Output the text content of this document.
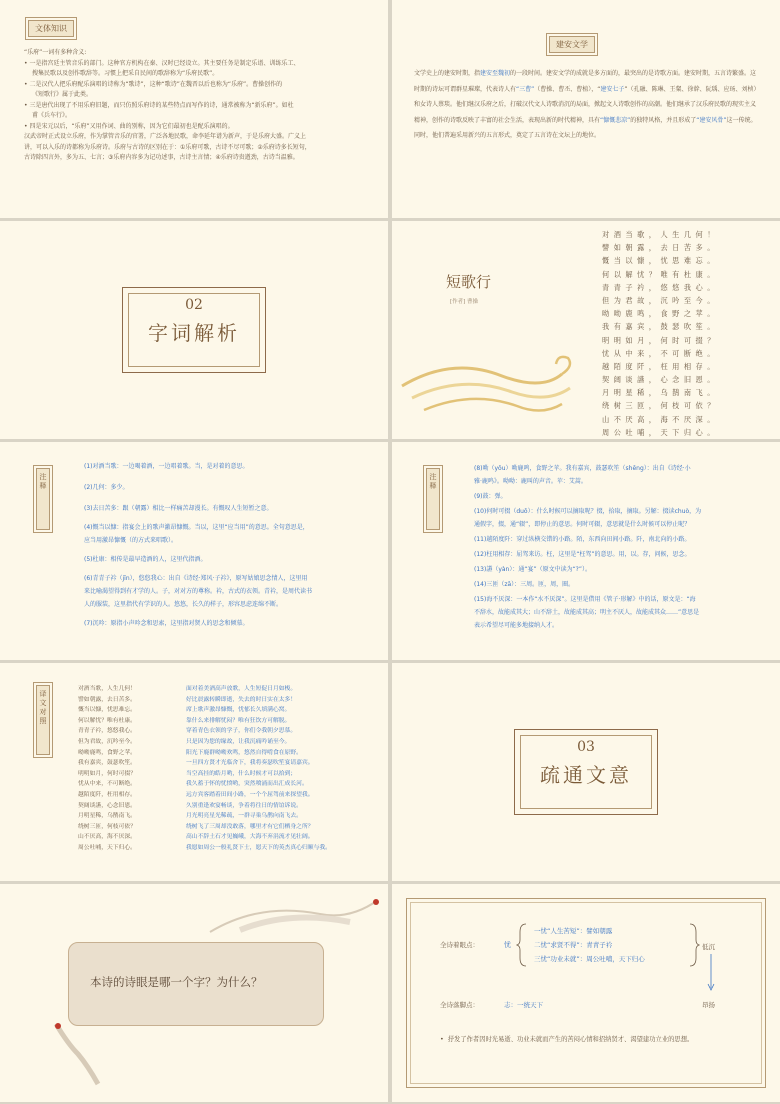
文体知识

“乐府”一词有多种含义:

• 一是指宫廷主管音乐的部门。这种官方机构在秦、汉时已经设立。其主要任务是制定乐谱、训练乐工、

搜集民歌以及创作歌辞等。习惯上把采自民间的歌辞称为“乐府民歌”。

• 二是汉代人把乐府配乐演唱的诗称为“歌诗”，这种“歌诗”在魏晋以后也称为“乐府”。曹操创作的

《短歌行》属于此类。

• 三是唐代出现了不用乐府旧题，而只仿照乐府诗的某些特点而写作的诗，通常被称为“新乐府”。如杜

甫《兵车行》。

• 四是宋元以后，“乐府”又用作词、曲的别称，因为它们最初也是配乐演唱的。

汉武帝时正式设立乐府，作为掌管音乐的官署，广泛各地民歌，命李延年谱为新声，于是乐府大盛。广义上

讲，可以入乐的诗都称为乐府诗。乐府与古诗的区别在于：①乐府可歌，古诗不尽可歌；②乐府诗多长短句，

古诗除四言外，多为五、七言；③乐府内容多为记功述事，古诗主言情；④乐府诗贵遒劲，古诗当温雅。

建安文学
文学史上的建安时期，指建安至魏初的一段时间。建安文学的成就是多方面的，最突出的是诗歌方面。建安时期，五言诗繁盛。这时期的诗坛可谓群星璀璨，代表诗人有“三曹”（曹操、曹丕、曹植），“建安七子”（孔融、陈琳、王粲、徐幹、阮瑀、应玚、刘桢）和女诗人蔡琰。他们继汉乐府之后，打破汉代文人诗歌消沉的局面，掀起文人诗歌创作的高潮。他们继承了汉乐府民歌的现实主义精神，创作的诗歌反映了丰富的社会生活，表现出新的时代精神，具有“慷慨悲凉”的独特风格，并且形成了“建安风骨”这一传统。同时，他们普遍采用新兴的五言形式，奠定了五言诗在文坛上的地位。
02
字词解析
短歌行
[作者] 曹操
对酒当歌，人生几何！
譬如朝露，去日苦多。
慨当以慷，忧思难忘。
何以解忧？唯有杜康。
青青子衿，悠悠我心。
但为君故，沉吟至今。
呦呦鹿鸣，食野之苹。
我有嘉宾，鼓瑟吹笙。
明明如月，何时可掇？
忧从中来，不可断绝。
越陌度阡，枉用相存。
契阔谈讌，心念旧恩。
月明星稀，乌鹊南飞。
绕树三匝，何枝可依？
山不厌高，海不厌深。
周公吐哺，天下归心。
注释
(1)对酒当歌：一边喝着酒，一边唱着歌。当，是对着的意思。
(2)几何：多少。
(3)去日苦多：跟（朝露）相比一样痛苦却漫长。有慨叹人生短暂之意。
(4)慨当以慷：指宴会上的歌声激昂慷慨。当以，这里“应当用”的意思。全句意思是，
应当用激昂慷慨（的方式来唱歌）。
(5)杜康：相传是最早造酒的人，这里代指酒。
(6)青青子衿（jīn），悠悠我心：出自《诗经·郑风·子衿》，原写姑娘思念情人，这里用
来比喻渴望得到有才学的人。子，对对方的尊称。衿，古式的衣领。青衿，是周代读书
人的服装，这里指代有学识的人。悠悠，长久的样子，形容思虑连绵不断。
(7)沉吟：原指小声吟念和思索，这里指对贤人的思念和倾慕。
注释
(8)呦（yōu）呦鹿鸣，食野之苹。我有嘉宾，鼓瑟吹笙（shēng）：出自《诗经·小
雅·鹿鸣》。呦呦：鹿叫的声音。苹：艾蒿。
(9)鼓：弹。
(10)何时可掇（duō）：什么时候可以摘取呢？掇，拾取，摘取。另解：掇读chuò，为
通假字，掇，通“辍”，即停止的意思。何时可辍，意思就是什么时候可以停止呢？
(11)越陌度阡：穿过纵横交错的小路。陌，东西向田间小路。阡，南北向的小路。
(12)枉用相存：屈驾来访。枉，这里是“枉驾”的意思。用，以。存，问候，思念。
(13)讌（yàn）：通“宴”（原文中读为“?”）。
(14)三匝（zā）：三周。匝，周，圈。
(15)海不厌深：一本作“水不厌深”。这里是借用《管子·形解》中的话，原文是：“海
不辞水，故能成其大；山不辞土，故能成其高；明主不厌人，故能成其众……”意思是
表示希望尽可能多地接纳人才。
译文对照
对酒当歌，人生几何！	面对着美酒高声放歌，人生短促日月如梭。
譬如朝露，去日苦多。	好比晨露转瞬即逝，失去的时日实在太多！
慨当以慷，忧思难忘。	席上歌声激昂慷慨，忧郁长久填满心窝。
何以解忧？唯有杜康。	靠什么来排解忧闷？唯有狂饮方可解脱。
青青子衿，悠悠我心。	穿着青色衣领的学子，你们令我朝夕思慕。
但为君故，沉吟至今。	只是因为您的缘故，让我沉痛吟诵至今。
呦呦鹿鸣，食野之苹。	阳光下鹿群呦呦欢鸣，悠然自得啃食在原野。
我有嘉宾，鼓瑟吹笙。	一旦四方贤才光临舍下，我将奏瑟吹笙宴请嘉宾。
明明如月，何时可掇？	当空高挂的皓月哟，什么时候才可以拾到；
忧从中来，不可断绝。	我久蓄于怀的忧愤哟，突然喷涌而出汇成长河。
越陌度阡，枉用相存。	远方宾客踏着田间小路，一个个屈驾前来探望我。
契阔谈讌，心念旧恩。	久别重逢欢宴畅谈，争着将往日的情谊诉说。
月明星稀，乌鹊南飞。	月光明亮星光稀疏，一群寻巢乌鹊向南飞去。
绕树三匝，何枝可依？	绕树飞了三周却没敢落，哪里才有它们栖身之所？
山不厌高，海不厌深。	高山不辞土石才见巍峨，大海不弃涓流才见壮阔。
周公吐哺，天下归心。	我愿如周公一般礼贤下士，愿天下的英杰真心归顺与我。
03
疏通文意
本诗的诗眼是哪一个字？为什么？
全诗着眼点：	忧
一忧“人生苦短”：譬如朝露
二忧“求贤不得”：青青子衿
三忧“功业未就”：周公吐哺，天下归心
低沉
全诗落脚点：	志：一统天下	昂扬
•  抒发了作者因时光易逝、功业未就而产生的苦闷心情和招纳贤才、渴望建功立业的思想。
